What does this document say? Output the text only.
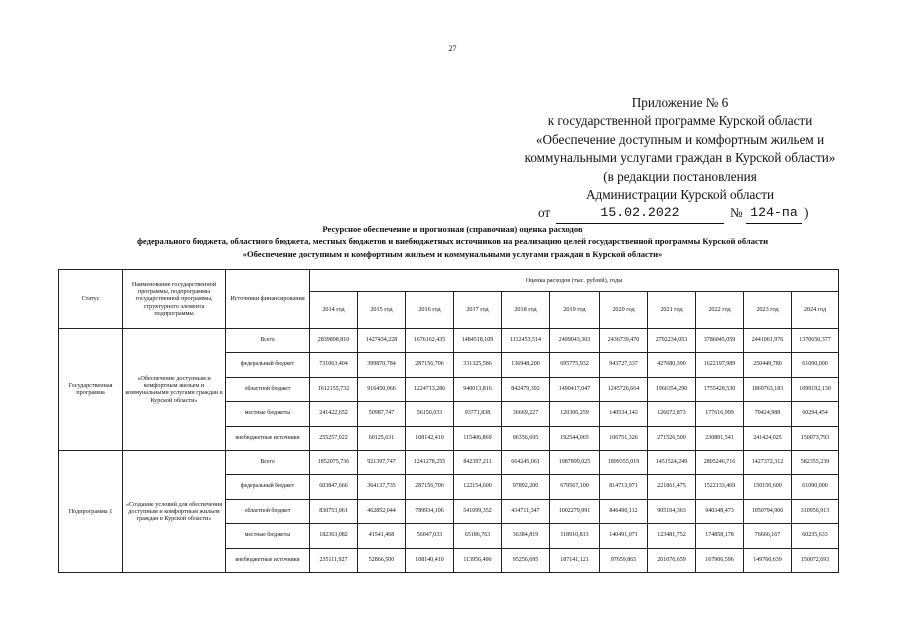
27
Приложение № 6
к государственной программе Курской области
«Обеспечение доступным и комфортным жильем и
коммунальными услугами граждан в Курской области»
(в редакции постановления
Администрации Курской области
от	15.02.2022	№ 124-па )
Ресурсное обеспечение и прогнозная (справочная) оценка расходов
федерального бюджета, областного бюджета, местных бюджетов и внебюджетных источников на реализацию целей государственной программы Курской области
«Обеспечение доступным и комфортным жильем и коммунальными услугами граждан в Курской области»
Статус	Наименование государственной программы, подпрограммы государственной программы, структурного элемента подпрограммы	Источники финансирования	Оценка расходов (тыс. рублей), годы										
			2014 год	2015 год	2016 год	2017 год	2018 год	2019 год	2020 год	2021 год	2022 год	2023 год	2024 год
Государственная программа	«Обеспечение доступным и комфортным жильем и коммунальными услугами граждан в Курской области»	Всего	2839898,810	1427434,228	1676162,435	1484518,109	1112453,514	2499043,303	2436739,470	2792234,053	3786045,059	2441061,976	1370650,377
		федеральный бюджет	731063,404	399870,784	287156,706	331325,586	136948,200	695775,932	943727,337	427680,390	1622197,989	250449,780	61090,000
		областной бюджет	1612155,732	916450,066	1224713,286	940013,816	842479,392	1490417,047	1245726,664	1966354,290	1755428,530	1869763,183	1099192,130
		местные бюджеты	241422,652	50987,747	56150,033	93771,838	36669,227	120306,259	140534,143	126672,873	177616,999	79424,988	60294,454
		внебюджетные источники	255257,022	60125,631	108142,410	115406,869	96356,695	192544,065	106751,326	271526,500	230801,541	241424,025	150073,793
Подпрограмма 1	«Создание условий для обеспечения доступным и комфортным жильем граждан в Курской области»	Всего	1852075,736	921397,747	1241278,255	842397,211	664245,061	1987899,025	1899355,019	1451524,249	2805246,716	1427372,312	582355,239
		федеральный бюджет	603847,666	364137,735	287156,706	122154,600	97892,200	679567,100	814713,971	221861,475	1522133,469	150150,600	61090,000
		областной бюджет	830753,061	462852,044	789934,106	541099,352	434711,347	1002279,991	846490,112	905104,363	940348,473	1050794,906	310956,913
		местные бюджеты	182363,082	41541,468	56047,033	65186,763	36384,819	118910,813	140491,071	123481,752	174858,178	76666,167	60235,633
		внебюджетные источники	235111,927	52866,500	108140,410	113956,496	95256,695	187141,121	97659,865	201076,659	167906,596	149760,639	150072,693
